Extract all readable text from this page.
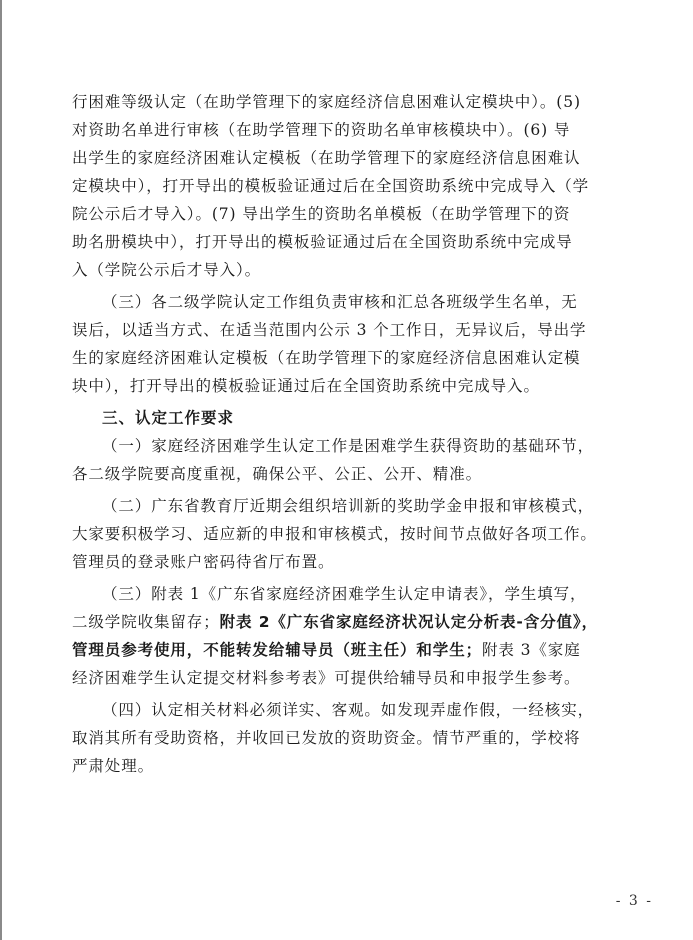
行困难等级认定（在助学管理下的家庭经济信息困难认定模块中）。(5)
对资助名单进行审核（在助学管理下的资助名单审核模块中）。(6) 导
出学生的家庭经济困难认定模板（在助学管理下的家庭经济信息困难认
定模块中），打开导出的模板验证通过后在全国资助系统中完成导入（学
院公示后才导入）。(7) 导出学生的资助名单模板（在助学管理下的资
助名册模块中），打开导出的模板验证通过后在全国资助系统中完成导
入（学院公示后才导入）。
（三）各二级学院认定工作组负责审核和汇总各班级学生名单，无
误后，以适当方式、在适当范围内公示 3 个工作日，无异议后，导出学
生的家庭经济困难认定模板（在助学管理下的家庭经济信息困难认定模
块中），打开导出的模板验证通过后在全国资助系统中完成导入。
三、认定工作要求
（一）家庭经济困难学生认定工作是困难学生获得资助的基础环节，
各二级学院要高度重视，确保公平、公正、公开、精准。
（二）广东省教育厅近期会组织培训新的奖助学金申报和审核模式，
大家要积极学习、适应新的申报和审核模式，按时间节点做好各项工作。
管理员的登录账户密码待省厅布置。
（三）附表 1《广东省家庭经济困难学生认定申请表》，学生填写，
二级学院收集留存；附表 2《广东省家庭经济状况认定分析表-含分值》，
管理员参考使用，不能转发给辅导员（班主任）和学生；附表 3《家庭
经济困难学生认定提交材料参考表》可提供给辅导员和申报学生参考。
（四）认定相关材料必须详实、客观。如发现弄虚作假，一经核实，
取消其所有受助资格，并收回已发放的资助资金。情节严重的，学校将
严肃处理。
- 3 -
